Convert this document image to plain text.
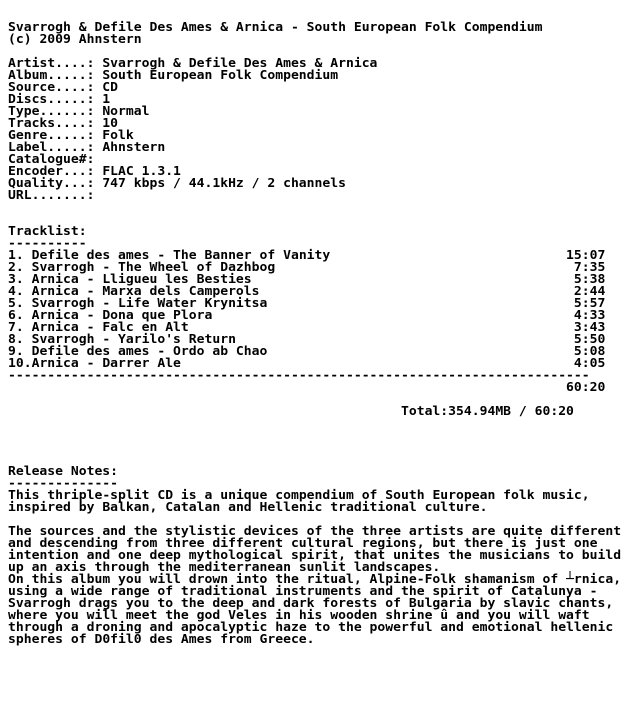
Svarrogh & Defile Des Ames & Arnica - South European Folk Compendium
(c) 2009 Ahnstern
Artist....: Svarrogh & Defile Des Ames & Arnica
Album.....: South European Folk Compendium
Source....: CD
Discs.....: 1
Type......: Normal
Tracks....: 10
Genre.....: Folk
Label.....: Ahnstern
Catalogue#:
Encoder...: FLAC 1.3.1
Quality...: 747 kbps / 44.1kHz / 2 channels
URL.......:
Tracklist:
----------
1. Defile des ames - The Banner of Vanity                              15:07
2. Svarrogh - The Wheel of Dazhbog                                      7:35
3. Arnica - Lligueu les Besties                                         5:38
4. Arnica - Marxa dels Camperols                                        2:44
5. Svarrogh - Life Water Krynitsa                                       5:57
6. Arnica - Dona que Plora                                              4:33
7. Arnica - Falc en Alt                                                 3:43
8. Svarrogh - Yarilo's Return                                           5:50
9. Defile des ames - Ordo ab Chao                                       5:08
10.Arnica - Darrer Ale                                                  4:05
--------------------------------------------------------------------------
60:20
Total:354.94MB / 60:20
Release Notes:
--------------
This thriple-split CD is a unique compendium of South European folk music,
inspired by Balkan, Catalan and Hellenic traditional culture.
The sources and the stylistic devices of the three artists are quite different
and descending from three different cultural regions, but there is just one
intention and one deep mythological spirit, that unites the musicians to build
up an axis through the mediterranean sunlit landscapes.
On this album you will drown into the ritual, Alpine-Folk shamanism of ┴rnica,
using a wide range of traditional instruments and the spirit of Catalunya -
Svarrogh drags you to the deep and dark forests of Bulgaria by slavic chants,
where you will meet the god Veles in his wooden shrine û and you will waft
through a droning and apocalyptic haze to the powerful and emotional hellenic
spheres of D0fil0 des Ames from Greece.
